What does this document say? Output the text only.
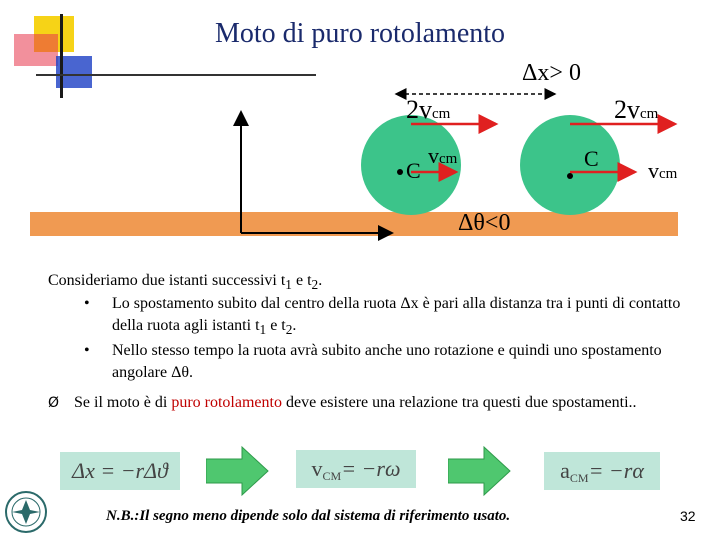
Moto di puro rotolamento
Δx> 0
2vcm	2vcm
C
vcm	C vcm
Δθ<0
Consideriamo due istanti successivi $t_1$ e $t_2$.
•	Lo spostamento subito dal centro della ruota Δx è pari alla distanza tra i punti di contatto della ruota agli istanti $t_1$ e $t_2$.
•	Nello stesso tempo la ruota avrà subito anche uno rotazione e quindi uno spostamento angolare Δθ.
Ø Se il moto è di puro rotolamento deve esistere una relazione tra questi due spostamenti..
Δx = −rΔϑ	v CM = −rω	a CM = −rα
N.B.:Il segno meno dipende solo dal sistema di riferimento usato.	32
